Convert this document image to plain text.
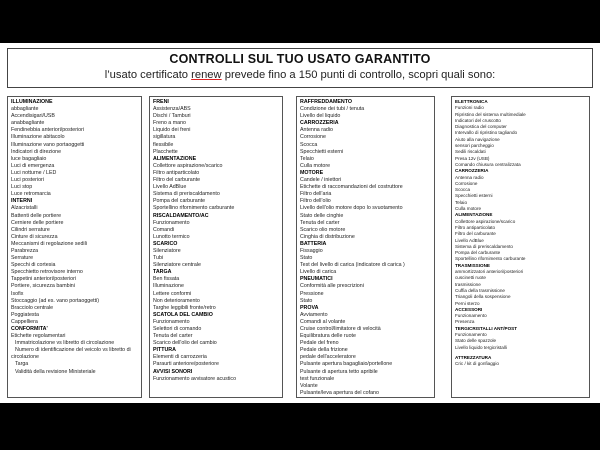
CONTROLLI SUL TUO USATO GARANTITO
l’usato certificato renew prevede fino a 150 punti di controllo, scopri quali sono:
ILLUMINAZIONE
abbagliante
Accendisigari/USB
anabbagliante
Fendinebbia anteriori/posteriori
Illuminazione abitacolo
Illuminazione vano portaoggetti
Indicatori di direzione
luce bagagliaio
Luci di emergenza
Luci notturne / LED
Luci posteriori
Luci stop
Luce retromarcia
INTERNI
Alzacristalli
Battenti delle portiere
Cerniere delle portiere
Cilindri serrature
Cinture di sicurezza
Meccanismi di regolazione sedili
Parabrezza
Serrature
Specchi di cortesia
Specchietto retrovisore interno
Tappetini anteriori/posteriori
Portiere, sicurezza bambini
Isofix
Stoccaggio (ad es. vano portaoggetti)
Bracciolo centrale
Poggiatesta
Cappelliera
CONFORMITA'
Etichette regolamentari
Immatricolazione vs libretto di circolazione
Numero di identificazione del veicolo vs libretto di
circolazione
Targa
Validità della revisione Ministeriale
FRENI
Assistenza/ABS
Dischi / Tamburi
Freno a mano
Liquido dei freni
sigillatura
flessibile
Placchette
ALIMENTAZIONE
Collettore aspirazione/scarico
Filtro antiparticolato
Filtro del carburante
Livello AdBlue
Sistema di preriscaldamento
Pompa del carburante
Sportellino rifornimento carburante
RISCALDAMENTO/AC
Funzionamento
Comandi
Lunotto termico
SCARICO
Silenziatore
Tubi
Silenziatore centrale
TARGA
Ben fissata
Illuminazione
Lettere conformi
Non deterioramento
Targhe leggibili fronte/retro
SCATOLA DEL CAMBIO
Funzionamento
Selettori di comando
Tenuta del carter
Scarico dell'olio del cambio
PITTURA
Elementi di carrozzeria
Paraurti anteriore/posteriore
AVVISI SONORI
Funzionamento avvisatore acustico
RAFFREDDAMENTO
Condizione dei tubi / tenuta
Livello del liquido
CARROZZERIA
Antenna radio
Corrosione
Scocca
Specchietti esterni
Telaio
Culla motore
MOTORE
Candele / iniettori
Etichette di raccomandazioni del costruttore
Filtro dell'aria
Filtro dell'olio
Livello dell'olio motore dopo lo svuotamento
Stato delle cinghie
Tenuta del carter
Scarico olio motore
Cinghia di distribuzione
BATTERIA
Fissaggio
Stato
Test del livello di carica (indicatore di carica )
Livello di carica
PNEUMATICI
Conformità alle prescrizioni
Pressione
Stato
PROVA
Avviamento
Comandi al volante
Cruise control/limitatore di velocità
Equilibratura delle ruote
Pedale del freno
Pedale della frizione
pedale dell'acceleratore
Pulsante apertura bagagliaio/portellone
Pulsante di apertura tetto apribile
test funzionale
Volante
Pulsante/leva apertura del cofano
ELETTRONICA
Funzioni radio
Ripristino del sistema multimediale
Indicatori del cruscotto
Diagnostica del computer
Intervallo di ripristino tagliando
Aiuto alla navigazione
sensori parcheggio
Sedili riscaldati
Presa 12v (USB)
Comando chiusura centralizzata
CARROZZERIA
Antenna radio
Corrosione
Scocca
Specchietti esterni
Telaio
Culla motore
ALIMENTAZIONE
Collettore aspirazione/scarico
Filtro antiparticolato
Filtro del carburante
Livello AdBlue
Sistema di preriscaldamento
Pompa del carburante
Sportellino rifornimento carburante
TRASMISSIONE
ammortizzatori anteriori/posteriori
cuscinetti ruote
trasmissione
Cuffia della trasmissione
Triangoli della sospensione
Perni sterzo
ACCESSORI
Funzionamento
Presenza
TERGICRISTALLI ANT/POST
Funzionamento
Stato delle spazzole
Livello liquido tergicristalli
ATTREZZATURA
Cric / kit di gonfiaggio
